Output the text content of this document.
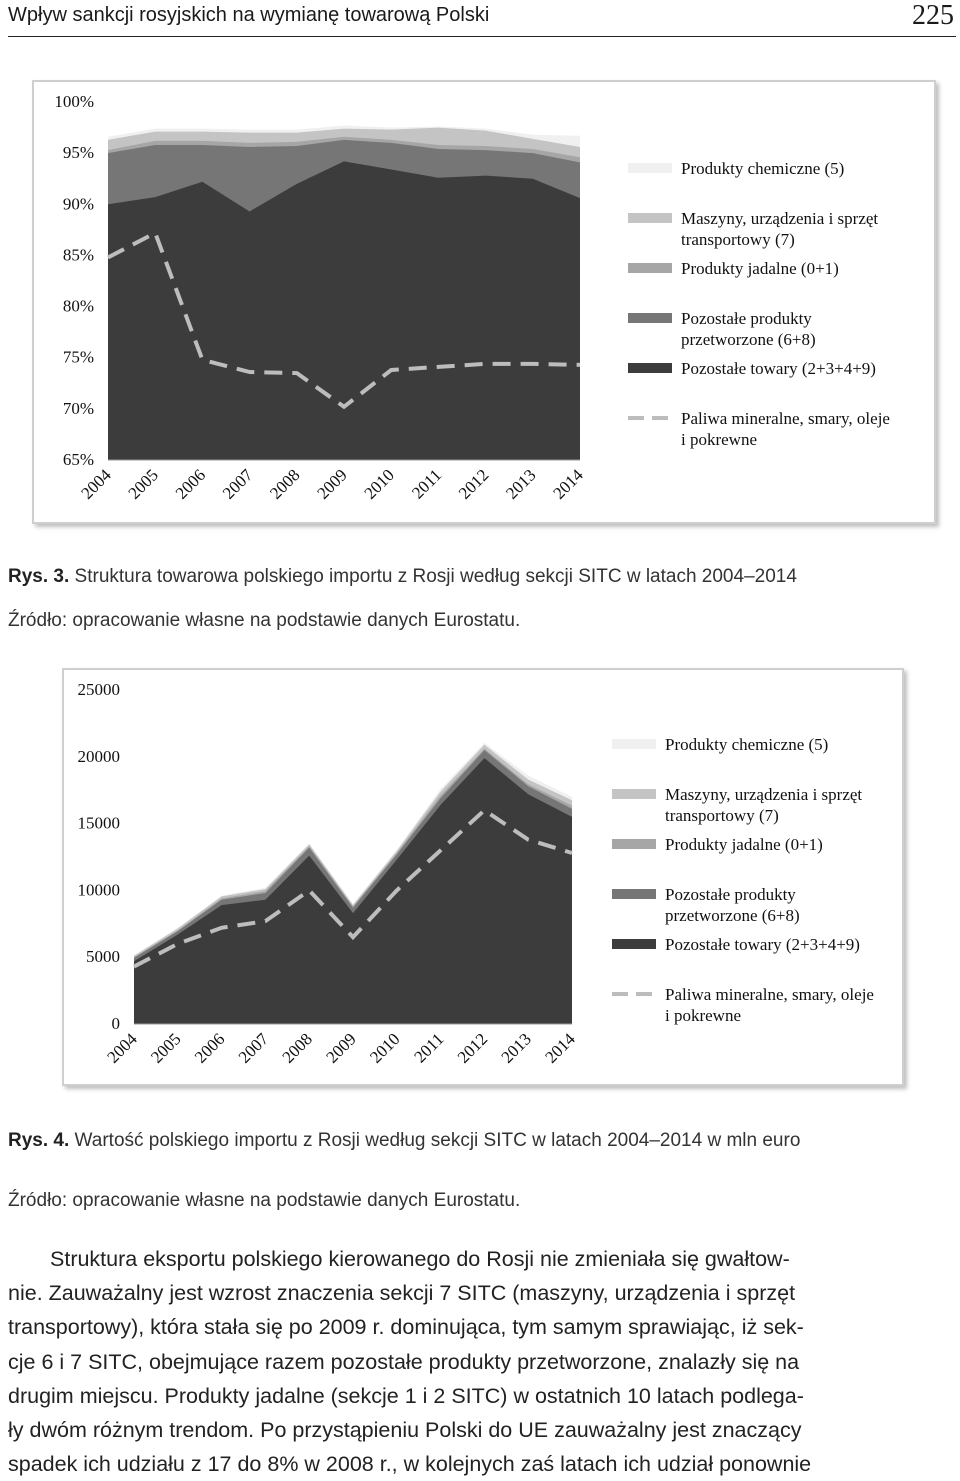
Wpływ sankcji rosyjskich na wymianę towarową Polski	225
65%
70%
75%
80%
85%
90%
95%
100%
2004 2005 2006 2007 2008 2009 2010 2011 2012 2013 2014
Produkty chemiczne (5)
Maszyny, urządzenia i sprzęt
transportowy (7)
Produkty jadalne (0+1)
Pozostałe produkty
przetworzone (6+8)
Pozostałe towary (2+3+4+9)
Paliwa mineralne, smary, oleje
i pokrewne
Rys. 3. Struktura towarowa polskiego importu z Rosji według sekcji SITC w latach 2004–2014
Źródło: opracowanie własne na podstawie danych Eurostatu.
0
5000
10000
15000
20000
25000
2004 2005 2006 2007 2008 2009 2010 2011 2012 2013 2014
Produkty chemiczne (5)
Maszyny, urządzenia i sprzęt
transportowy (7)
Produkty jadalne (0+1)
Pozostałe produkty
przetworzone (6+8)
Pozostałe towary (2+3+4+9)
Paliwa mineralne, smary, oleje
i pokrewne
Rys. 4. Wartość polskiego importu z Rosji według sekcji SITC w latach 2004–2014 w mln euro
Źródło: opracowanie własne na podstawie danych Eurostatu.
Struktura eksportu polskiego kierowanego do Rosji nie zmieniała się gwałtow-
nie. Zauważalny jest wzrost znaczenia sekcji 7 SITC (maszyny, urządzenia i sprzęt
transportowy), która stała się po 2009 r. dominująca, tym samym sprawiając, iż sek-
cje 6 i 7 SITC, obejmujące razem pozostałe produkty przetworzone, znalazły się na
drugim miejscu. Produkty jadalne (sekcje 1 i 2 SITC) w ostatnich 10 latach podlega-
ły dwóm różnym trendom. Po przystąpieniu Polski do UE zauważalny jest znaczący
spadek ich udziału z 17 do 8% w 2008 r., w kolejnych zaś latach ich udział ponownie
